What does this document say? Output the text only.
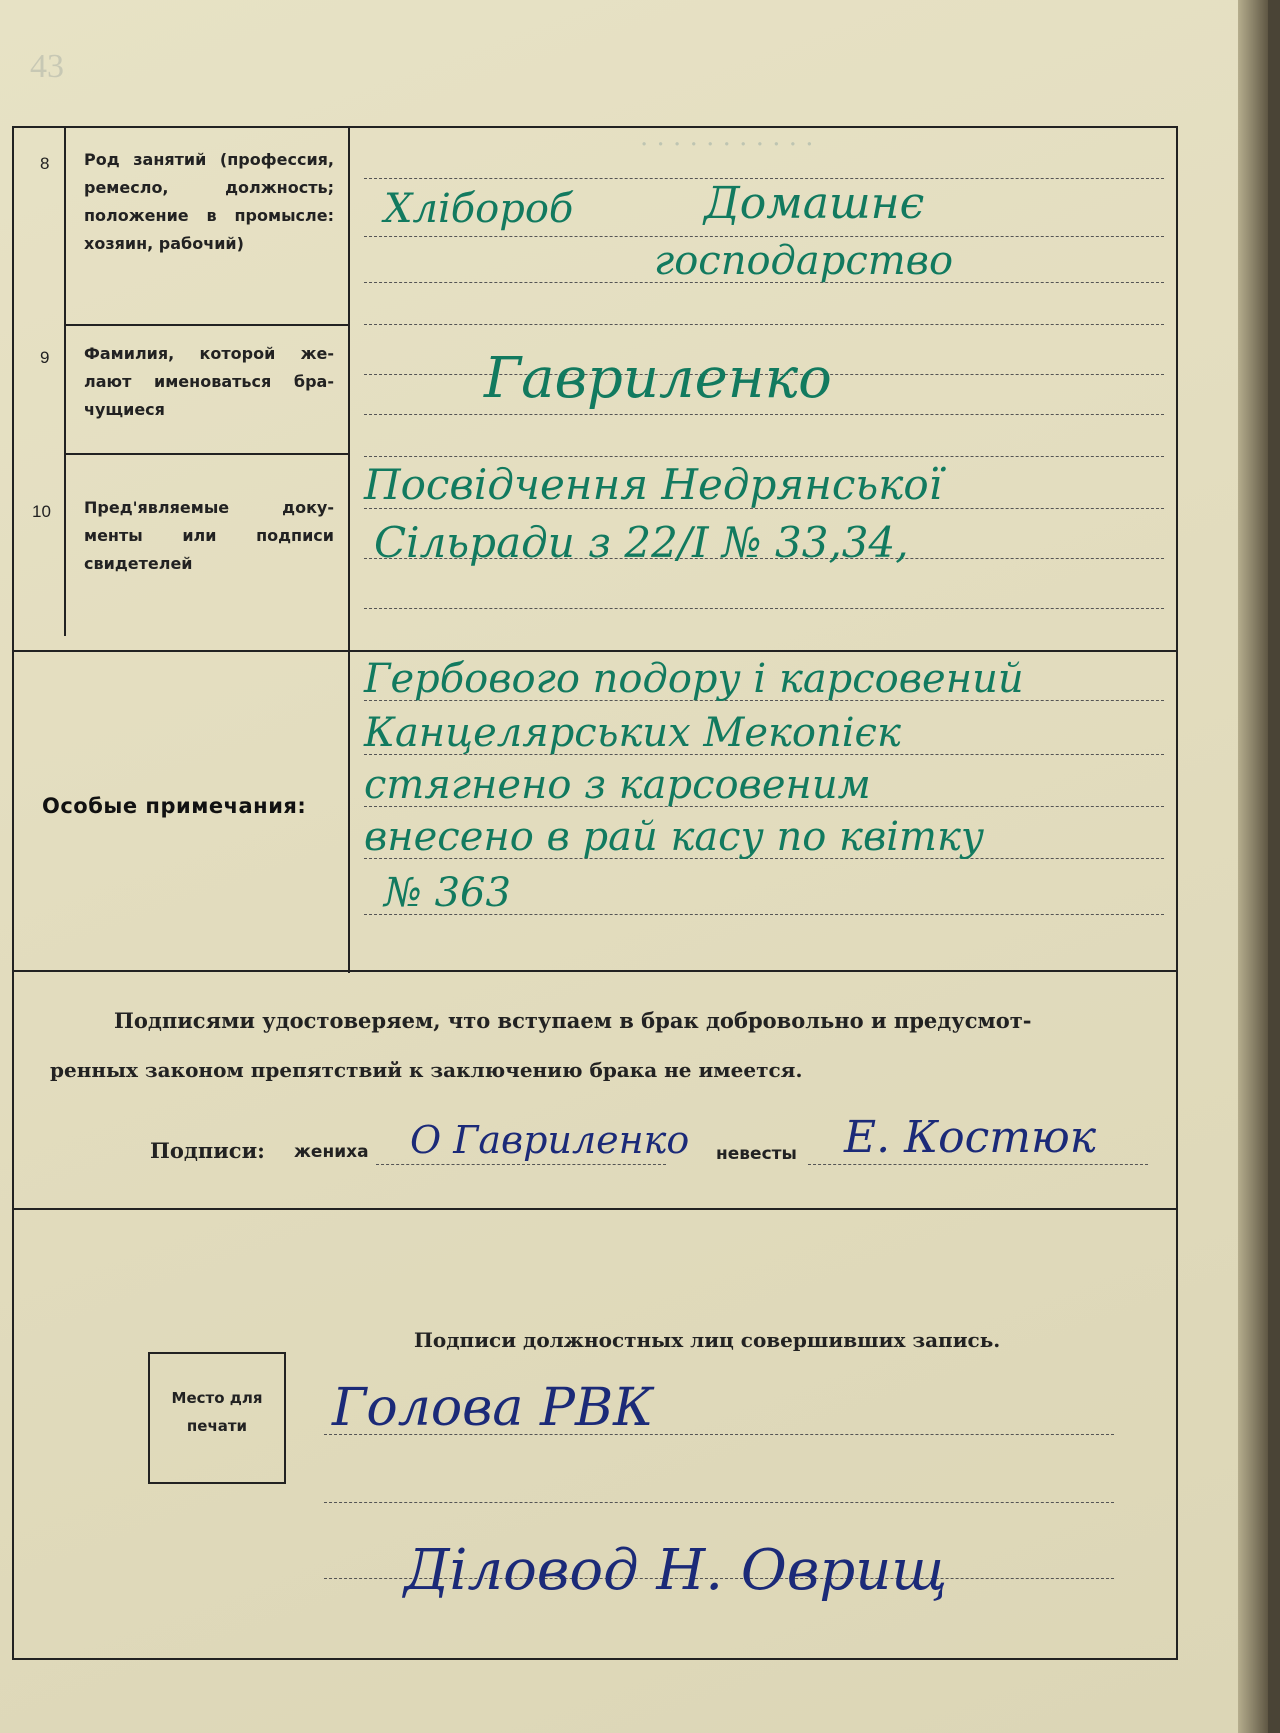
43
· · · · · · · · · · ·
8 Род занятий (профессия, ремесло, должность; положение в промысле: хозяин, рабочий)
Хлібороб	Домашнє
господарство
9 Фамилия, которой желают именоваться брачущиеся	Гавриленко
10 Пред'являемые документы или подписи свидетелей
Посвідчення Недрянської
Сільради з 22/I № 33,34,
Особые примечания:
Гербового подору і карсовений
Канцелярських Мекопієк
стягнено з карсовеним
внесено в рай касу по квітку
№ 363
Подписями удостоверяем, что вступаем в брак добровольно и предусмот-
ренных законом препятствий к заключению брака не имеется.
Подписи: жениха О Гавриленко невесты Е. Костюк
Подписи должностных лиц совершивших запись.
Голова РВК
Діловод Н. Оврищ
Место для печати
